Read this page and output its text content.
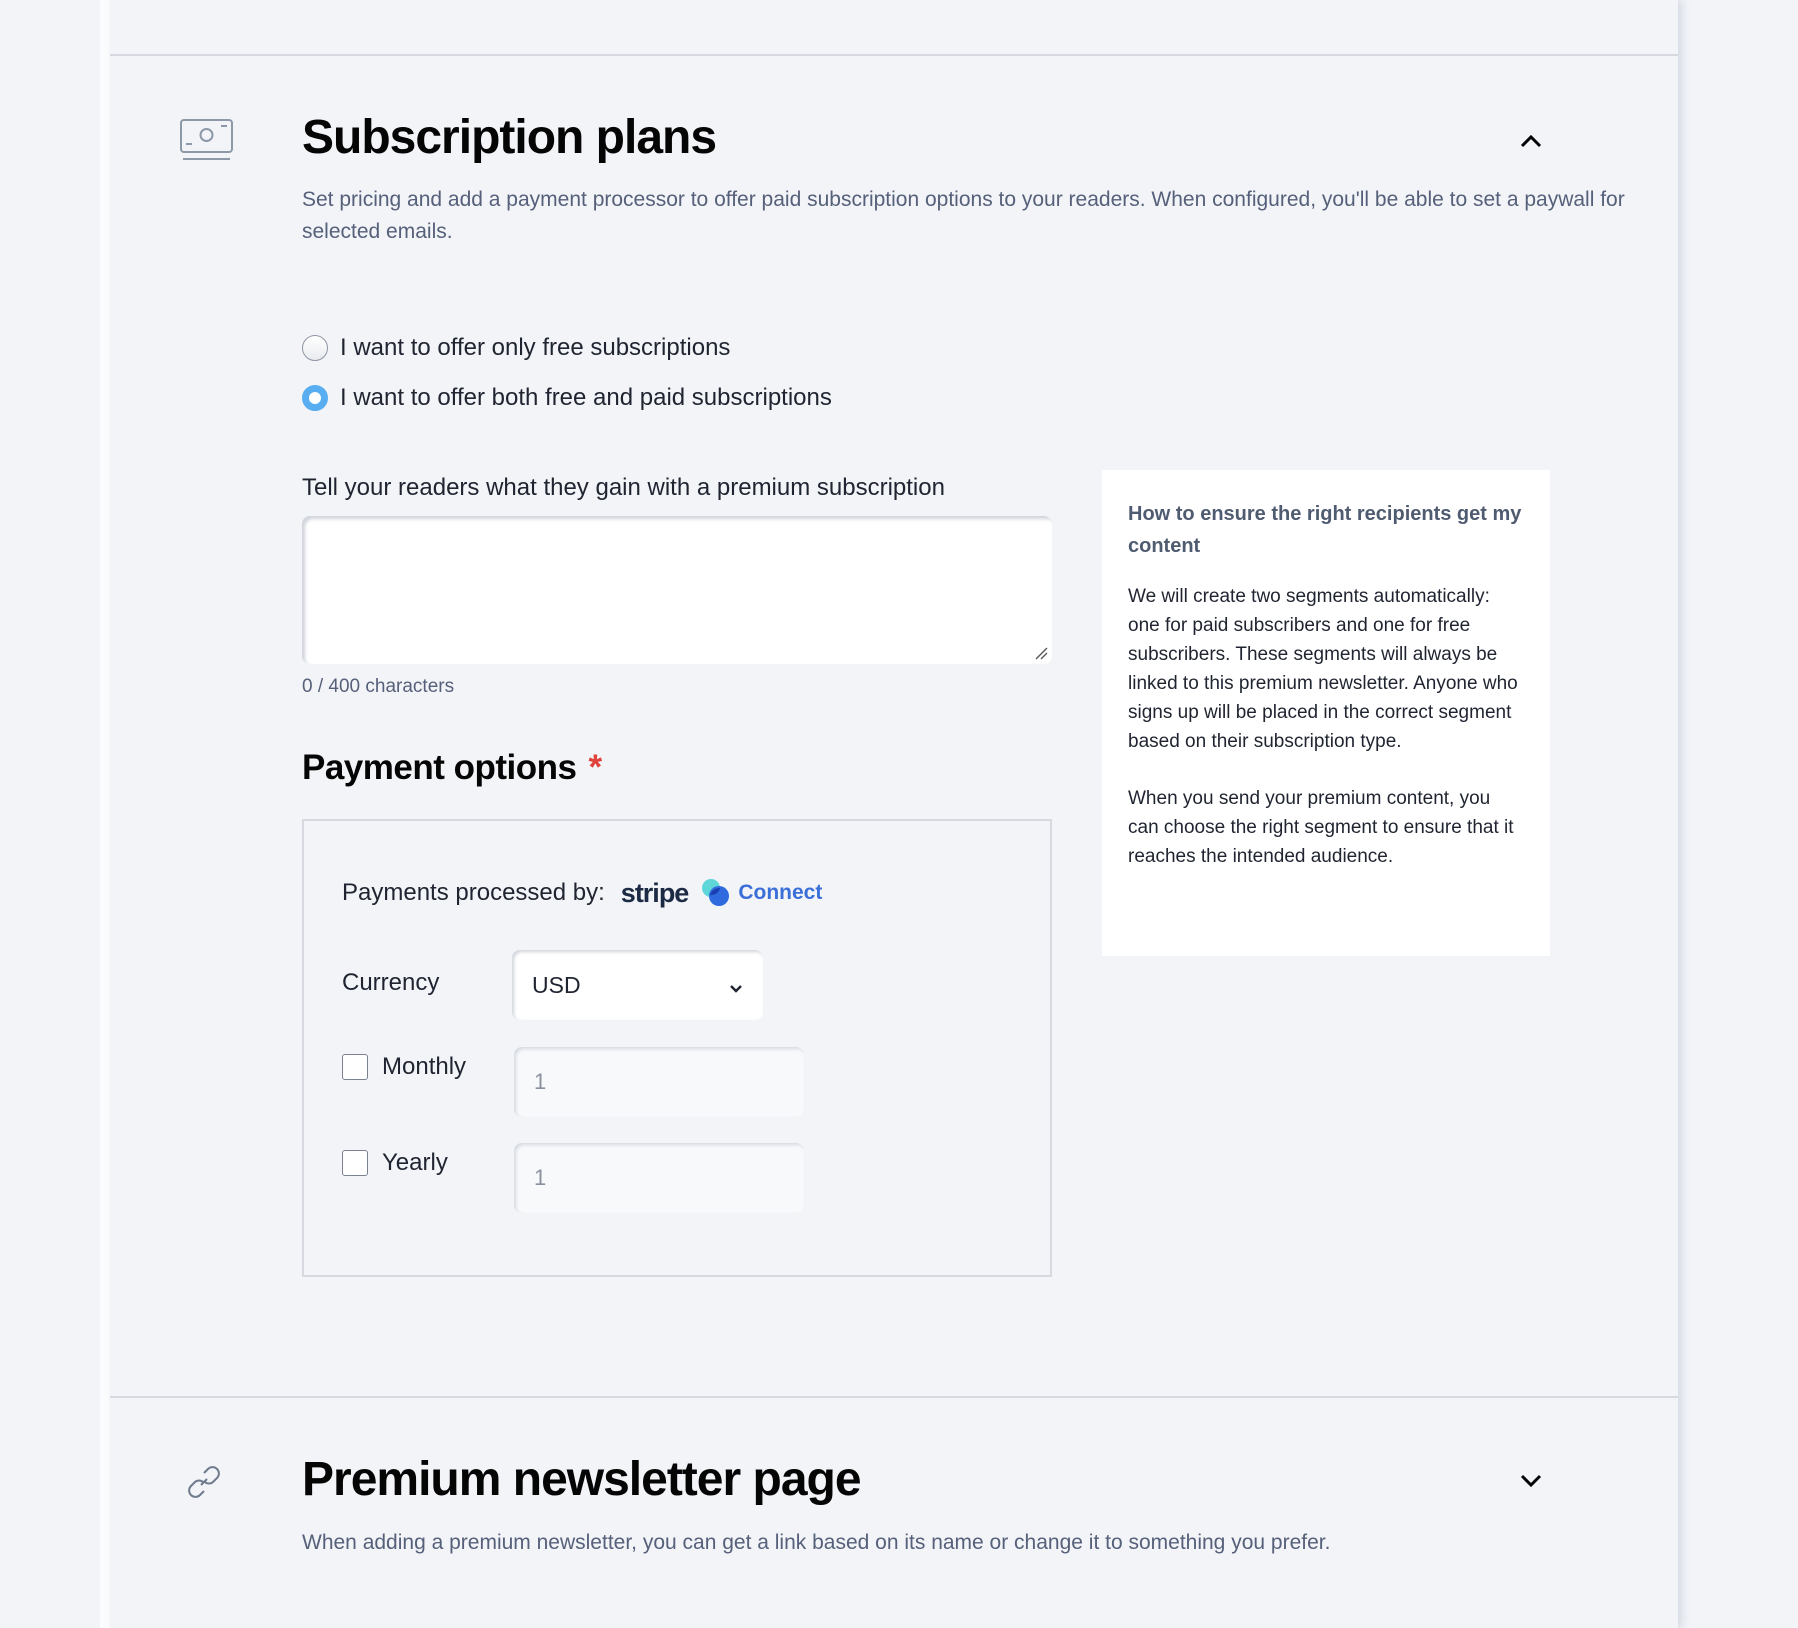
Subscription plans
Set pricing and add a payment processor to offer paid subscription options to your readers. When configured, you'll be able to set a paywall for selected emails.
I want to offer only free subscriptions
I want to offer both free and paid subscriptions
Tell your readers what they gain with a premium subscription
0 / 400 characters
Payment options *
Payments processed by: stripe Connect
Currency	USD
Monthly
1
Yearly
1
How to ensure the right recipients get my content

We will create two segments automatically: one for paid subscribers and one for free subscribers. These segments will always be linked to this premium newsletter. Anyone who signs up will be placed in the correct segment based on their subscription type.

When you send your premium content, you can choose the right segment to ensure that it reaches the intended audience.

Premium newsletter page
When adding a premium newsletter, you can get a link based on its name or change it to something you prefer.
